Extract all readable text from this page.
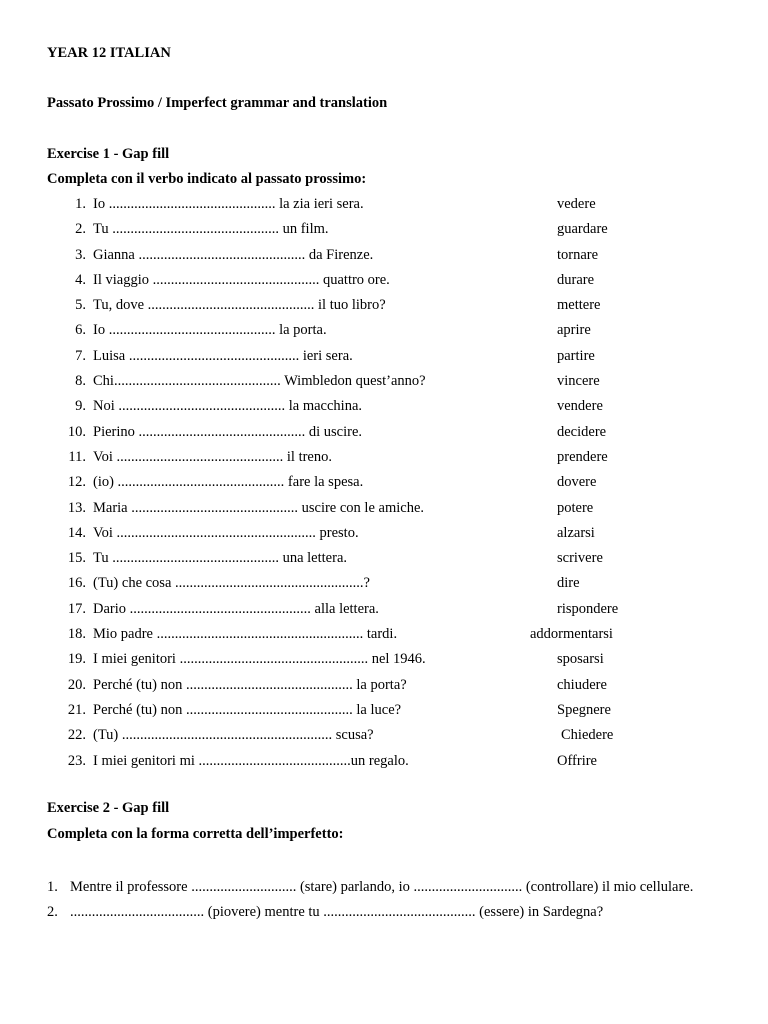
YEAR 12 ITALIAN
Passato Prossimo / Imperfect grammar and translation
Exercise 1 - Gap fill
Completa con il verbo indicato al passato prossimo:
1. Io .............................................. la zia ieri sera.	vedere
2. Tu .............................................. un film.	guardare
3. Gianna .............................................. da Firenze.	tornare
4. Il viaggio .............................................. quattro ore.	durare
5. Tu, dove .............................................. il tuo libro?	mettere
6. Io .............................................. la porta.	aprire
7. Luisa ............................................... ieri sera.	partire
8. Chi.............................................. Wimbledon quest’anno?	vincere
9. Noi .............................................. la macchina.	vendere
10. Pierino .............................................. di uscire.	decidere
11. Voi .............................................. il treno.	prendere
12. (io) .............................................. fare la spesa.	dovere
13. Maria .............................................. uscire con le amiche.	potere
14. Voi ....................................................... presto.	alzarsi
15. Tu .............................................. una lettera.	scrivere
16. (Tu) che cosa ....................................................?	dire
17. Dario .................................................. alla lettera.	rispondere
18. Mio padre ......................................................... tardi.	addormentarsi
19. I miei genitori .................................................... nel 1946.	sposarsi
20. Perché (tu) non .............................................. la porta?	chiudere
21. Perché (tu) non .............................................. la luce?	Spegnere
22. (Tu) .......................................................... scusa?	Chiedere
23. I miei genitori mi ..........................................un regalo.	Offrire
Exercise 2 - Gap fill
Completa con la forma corretta dell’imperfetto:
1. Mentre il professore ............................. (stare) parlando, io .............................. (controllare) il mio cellulare.
2. ..................................... (piovere) mentre tu .......................................... (essere) in Sardegna?
